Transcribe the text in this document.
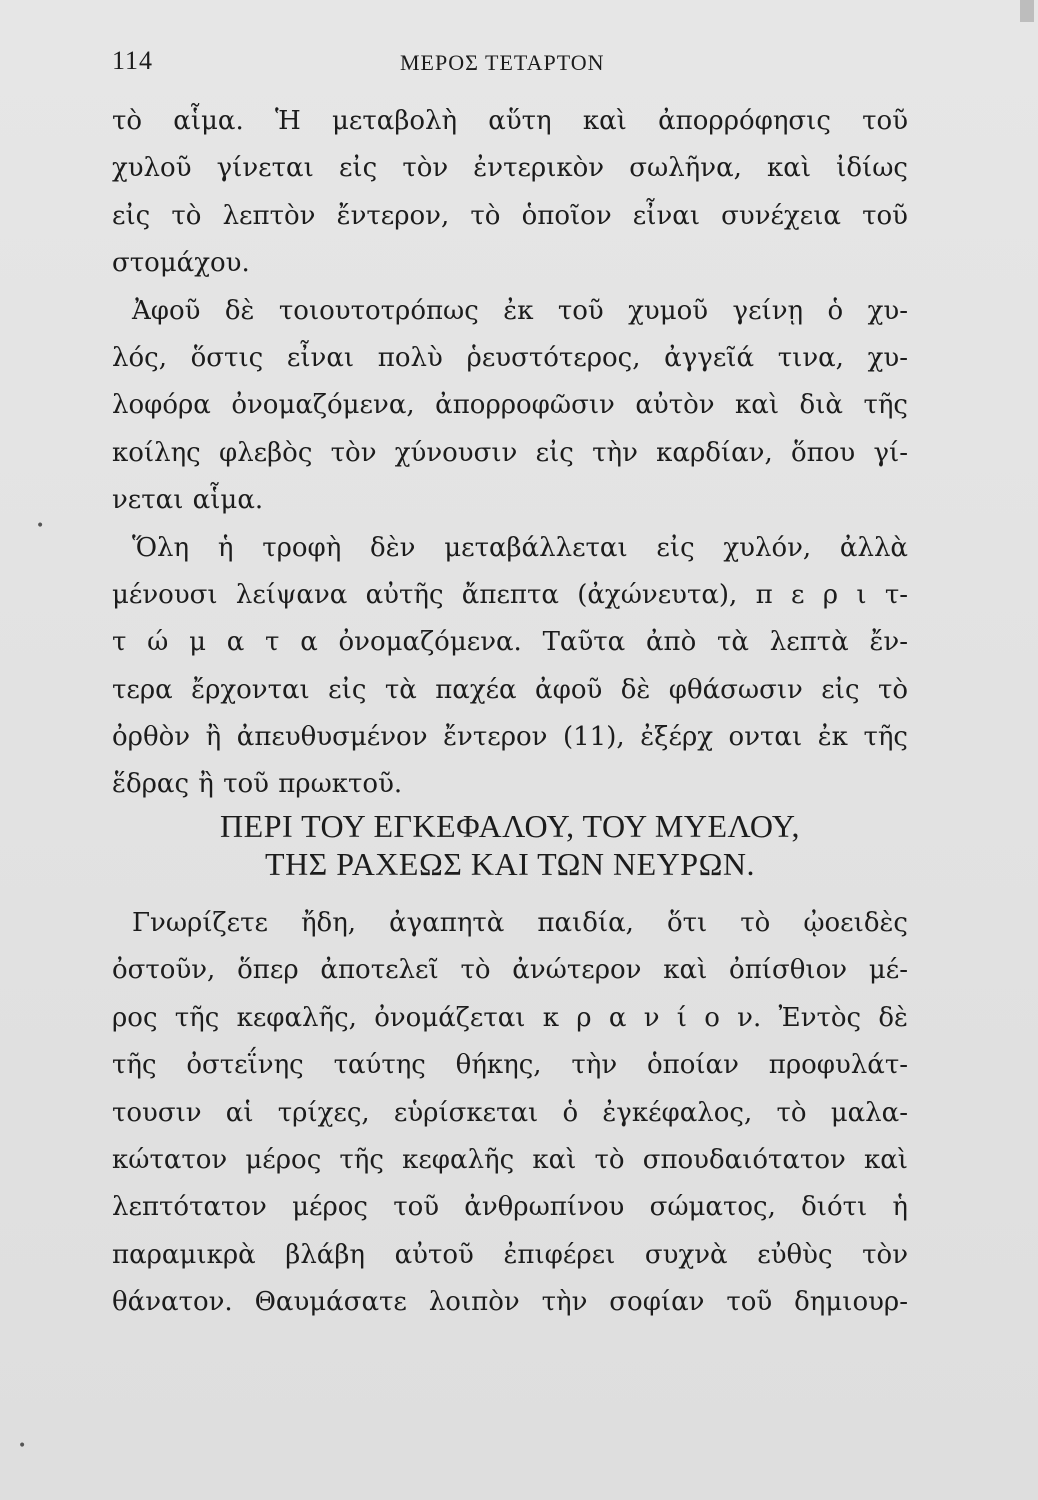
114	ΜΕΡΟΣ ΤΕΤΑΡΤΟΝ
τὸ αἷμα. Ἡ μεταβολὴ αὕτη καὶ ἀπορρόφησις τοῦ
χυλοῦ γίνεται εἰς τὸν ἐντερικὸν σωλῆνα, καὶ ἰδίως
εἰς τὸ λεπτὸν ἔντερον, τὸ ὁποῖον εἶναι συνέχεια τοῦ
στομάχου.
Ἀφοῦ δὲ τοιουτοτρόπως ἐκ τοῦ χυμοῦ γείνῃ ὁ χυ-
λός, ὅστις εἶναι πολὺ ῥευστότερος, ἀγγεῖά τινα, χυ-
λοφόρα ὀνομαζόμενα, ἀπορροφῶσιν αὐτὸν καὶ διὰ τῆς
κοίλης φλεβὸς τὸν χύνουσιν εἰς τὴν καρδίαν, ὅπου γί-
νεται αἷμα.
Ὅλη ἡ τροφὴ δὲν μεταβάλλεται εἰς χυλόν, ἀλλὰ
μένουσι λείψανα αὐτῆς ἄπεπτα (ἀχώνευτα), π ε ρ ι τ-
τ ώ μ α τ α ὀνομαζόμενα. Ταῦτα ἀπὸ τὰ λεπτὰ ἔν-
τερα ἔρχονται εἰς τὰ παχέα ἀφοῦ δὲ φθάσωσιν εἰς τὸ
ὀρθὸν ἢ ἀπευθυσμένον ἔντερον (11), ἐξέρχ ονται ἐκ τῆς
ἕδρας ἢ τοῦ πρωκτοῦ.
ΠΕΡΙ ΤΟΥ ΕΓΚΕΦΑΛΟΥ, ΤΟΥ ΜΥΕΛΟΥ,
ΤΗΣ ΡΑΧΕΩΣ ΚΑΙ ΤΩΝ ΝΕΥΡΩΝ.
Γνωρίζετε ἤδη, ἀγαπητὰ παιδία, ὅτι τὸ ᾠοειδὲς
ὀστοῦν, ὅπερ ἀποτελεῖ τὸ ἀνώτερον καὶ ὀπίσθιον μέ-
ρος τῆς κεφαλῆς, ὀνομάζεται κ ρ α ν ί ο ν. Ἐντὸς δὲ
τῆς ὀστεΐνης ταύτης θήκης, τὴν ὁποίαν προφυλάτ-
τουσιν αἱ τρίχες, εὑρίσκεται ὁ ἐγκέφαλος, τὸ μαλα-
κώτατον μέρος τῆς κεφαλῆς καὶ τὸ σπουδαιότατον καὶ
λεπτότατον μέρος τοῦ ἀνθρωπίνου σώματος, διότι ἡ
παραμικρὰ βλάβη αὐτοῦ ἐπιφέρει συχνὰ εὐθὺς τὸν
θάνατον. Θαυμάσατε λοιπὸν τὴν σοφίαν τοῦ δημιουρ-
•
•
